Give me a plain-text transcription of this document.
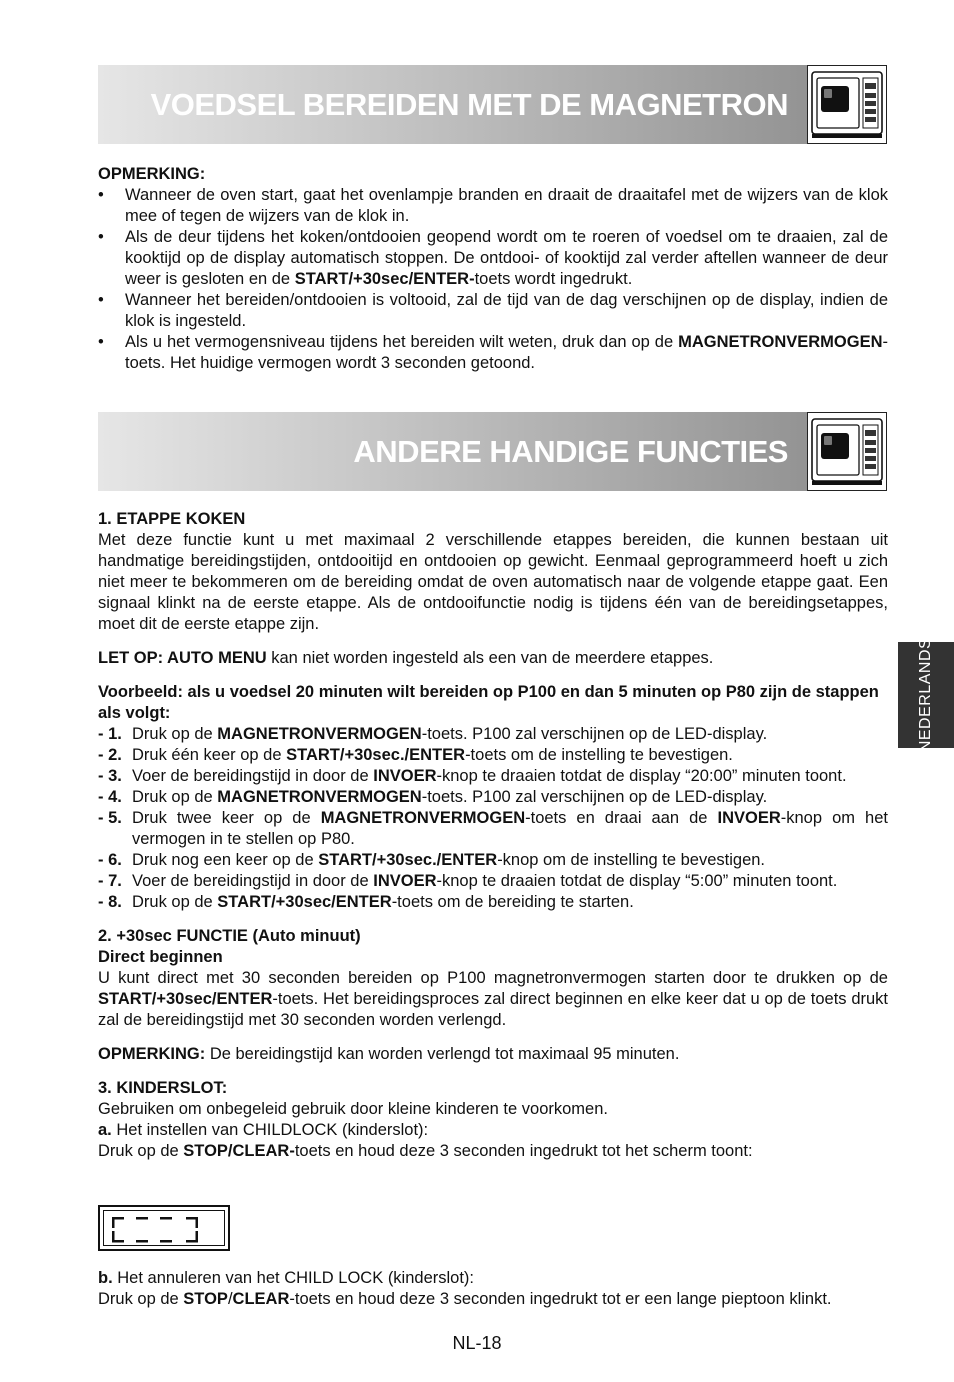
VOEDSEL BEREIDEN MET DE MAGNETRON

OPMERKING:

• Wanneer de oven start, gaat het ovenlampje branden en draait de draaitafel met de wijzers van de klok mee of tegen de wijzers van de klok in.

• Als de deur tijdens het koken/ontdooien geopend wordt om te roeren of voedsel om te draaien, zal de kooktijd op de display automatisch stoppen. De ontdooi- of kooktijd zal verder aftellen wanneer de deur weer is gesloten en de START/+30sec/ENTER-toets wordt ingedrukt.

• Wanneer het bereiden/ontdooien is voltooid, zal de tijd van de dag verschijnen op de display, indien de klok is ingesteld.

• Als u het vermogensniveau tijdens het bereiden wilt weten, druk dan op de MAGNETRONVERMOGEN-toets. Het huidige vermogen wordt 3 seconden getoond.

ANDERE HANDIGE FUNCTIES

1. ETAPPE KOKEN

Met deze functie kunt u met maximaal 2 verschillende etappes bereiden, die kunnen bestaan uit handmatige bereidingstijden, ontdooitijd en ontdooien op gewicht. Eenmaal geprogrammeerd hoeft u zich niet meer te bekommeren om de bereiding omdat de oven automatisch naar de volgende etappe gaat. Een signaal klinkt na de eerste etappe. Als de ontdooifunctie nodig is tijdens één van de bereidingsetappes, moet dit de eerste etappe zijn.

LET OP: AUTO MENU kan niet worden ingesteld als een van de meerdere etappes.

Voorbeeld: als u voedsel 20 minuten wilt bereiden op P100 en dan 5 minuten op P80 zijn de stappen als volgt:

- 1. Druk op de MAGNETRONVERMOGEN-toets. P100 zal verschijnen op de LED-display.

- 2. Druk één keer op de START/+30sec./ENTER-toets om de instelling te bevestigen.

- 3. Voer de bereidingstijd in door de INVOER-knop te draaien totdat de display “20:00” minuten toont.

- 4. Druk op de MAGNETRONVERMOGEN-toets. P100 zal verschijnen op de LED-display.

- 5. Druk twee keer op de MAGNETRONVERMOGEN-toets en draai aan de INVOER-knop om het vermogen in te stellen op P80.

- 6. Druk nog een keer op de START/+30sec./ENTER-knop om de instelling te bevestigen.

- 7. Voer de bereidingstijd in door de INVOER-knop te draaien totdat de display “5:00” minuten toont.

- 8. Druk op de START/+30sec/ENTER-toets om de bereiding te starten.

2. +30sec FUNCTIE (Auto minuut)

Direct beginnen

U kunt direct met 30 seconden bereiden op P100 magnetronvermogen starten door te drukken op de START/+30sec/ENTER-toets. Het bereidingsproces zal direct beginnen en elke keer dat u op de toets drukt zal de bereidingstijd met 30 seconden worden verlengd.

OPMERKING: De bereidingstijd kan worden verlengd tot maximaal 95 minuten.

3. KINDERSLOT:

Gebruiken om onbegeleid gebruik door kleine kinderen te voorkomen.

a. Het instellen van CHILDLOCK (kinderslot):

Druk op de STOP/CLEAR-toets en houd deze 3 seconden ingedrukt tot het scherm toont:

b. Het annuleren van het CHILD LOCK (kinderslot):

Druk op de STOP/CLEAR-toets en houd deze 3 seconden ingedrukt tot er een lange pieptoon klinkt.

NEDERLANDS
NL-18
